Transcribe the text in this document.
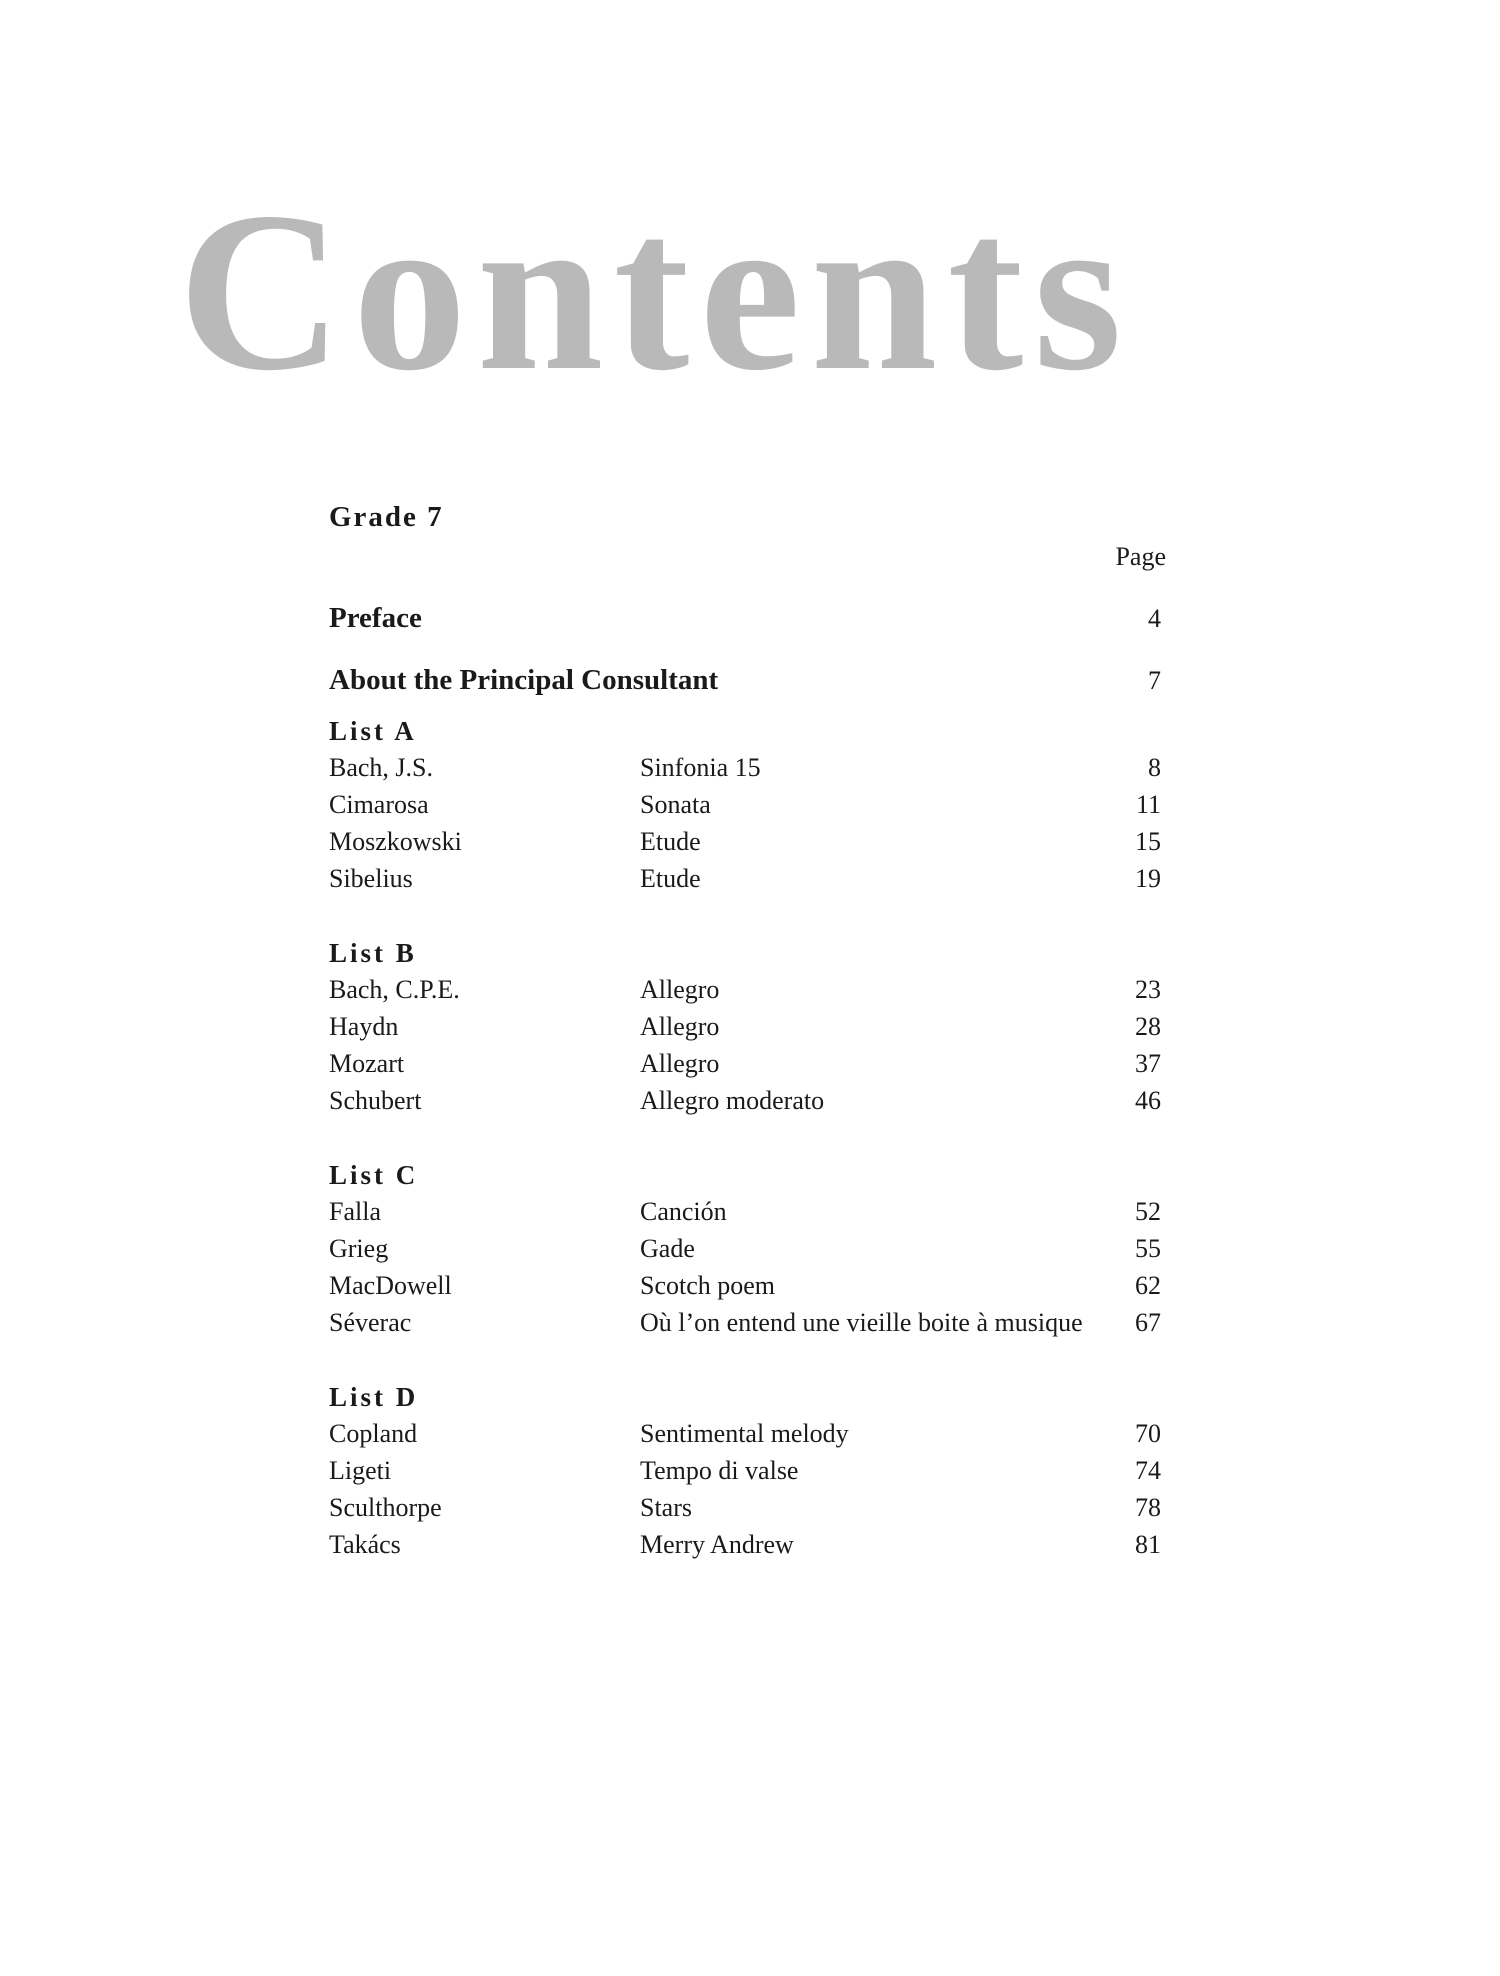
Contents
Grade 7
Page
Preface	4
About the Principal Consultant	7
List A
Bach, J.S.	Sinfonia 15	8
Cimarosa	Sonata	11
Moszkowski	Etude	15
Sibelius	Etude	19
List B
Bach, C.P.E.	Allegro	23
Haydn	Allegro	28
Mozart	Allegro	37
Schubert	Allegro moderato	46
List C
Falla	Canción	52
Grieg	Gade	55
MacDowell	Scotch poem	62
Séverac	Où l’on entend une vieille boite à musique	67
List D
Copland	Sentimental melody	70
Ligeti	Tempo di valse	74
Sculthorpe	Stars	78
Takács	Merry Andrew	81
